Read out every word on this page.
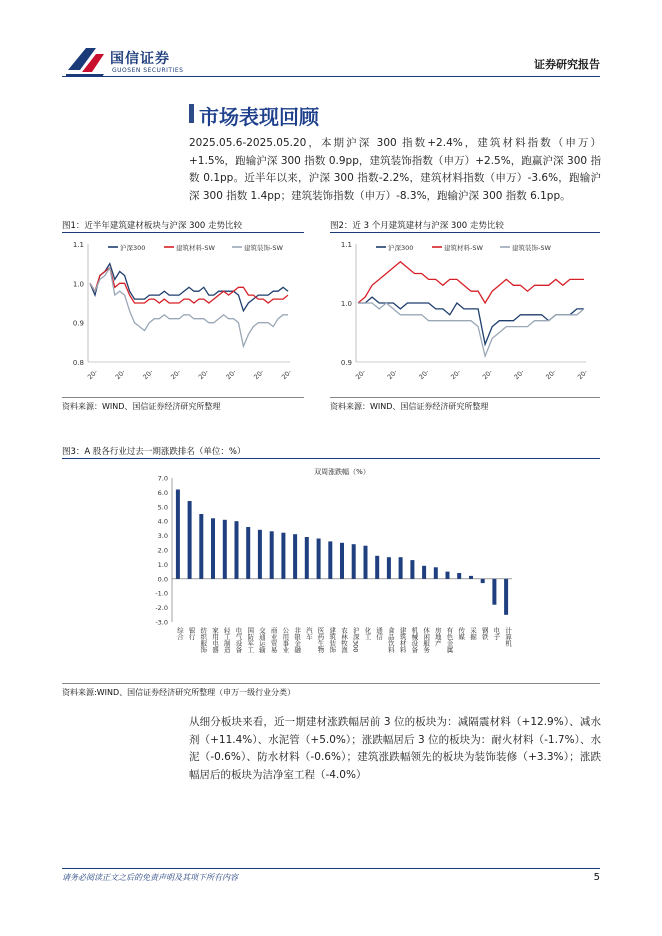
国信证券
GUOSEN SECURITIES	证券研究报告
市场表现回顾
2025.05.6-2025.05.20，本期沪深 300 指数+2.4%，建筑材料指数（申万）+1.5%，跑输沪深 300 指数 0.9pp，建筑装饰指数（申万）+2.5%，跑赢沪深 300 指数 0.1pp。近半年以来，沪深 300 指数-2.2%，建筑材料指数（申万）-3.6%，跑输沪深 300 指数 1.4pp；建筑装饰指数（申万）-8.3%，跑输沪深 300 指数 6.1pp。
图1：近半年建筑建材板块与沪深 300 走势比较	图2：近 3 个月建筑建材与沪深 300 走势比较
1.1
1.0
0.9
0.8
20- 20- 20- 20- 20- 20- 20- 20-
沪深300	建筑材料-SW	建筑装饰-SW	1.1
1.0
0.9
20-	20-	20-	20-	20-	20-	20-	20-
沪深300	建筑材料-SW	建筑装饰-SW
资料来源：WIND、国信证券经济研究所整理	资料来源：WIND、国信证券经济研究所整理
图3：A 股各行业过去一期涨跌排名（单位：%）
双周涨跌幅（%）
7.0
6.0
5.0
4.0
3.0
2.0
1.0
0.0
-1.0
-2.0
-3.0
综合 银行 纺织服饰 家用电器 轻工制造 电气设备 国防军工 交通运输 商业贸易 公用事业 非银金融 汽车 医药生物 建筑装饰 农林牧渔 沪深300 化工 通信 食品饮料 建筑材料 机械设备 休闲服务 房地产 有色金属 传媒 采掘 钢铁 电子 计算机
资料来源:WIND、国信证券经济研究所整理（申万一级行业分类）
从细分板块来看，近一期建材涨跌幅居前 3 位的板块为：减隔震材料（+12.9%）、减水剂（+11.4%）、水泥管（+5.0%）；涨跌幅居后 3 位的板块为：耐火材料（-1.7%）、水泥（-0.6%）、防水材料（-0.6%）；建筑涨跌幅领先的板块为装饰装修（+3.3%）；涨跌幅居后的板块为洁净室工程（-4.0%）
请务必阅读正文之后的免责声明及其项下所有内容	5
